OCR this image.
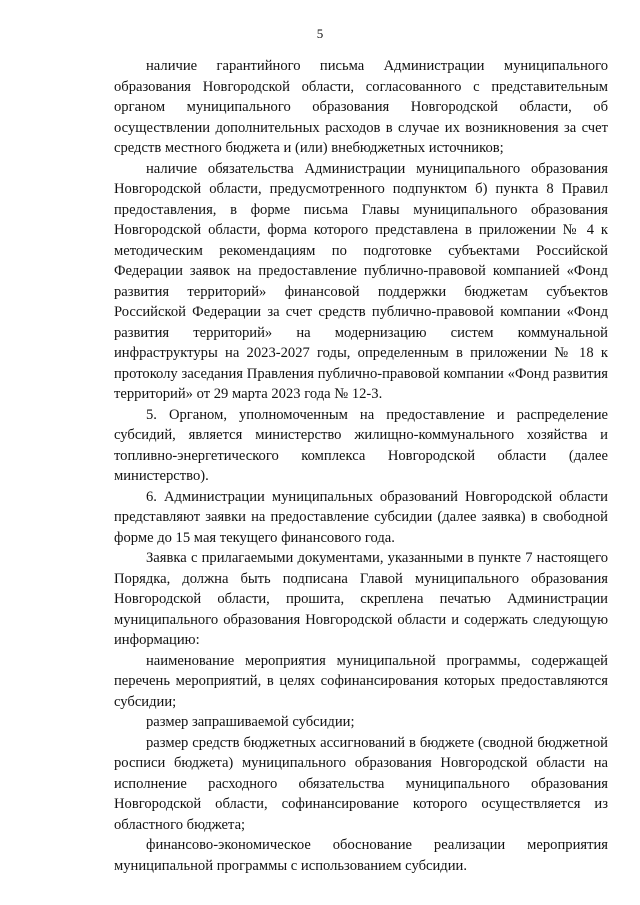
5

наличие гарантийного письма Администрации муниципального образования Новгородской области, согласованного с представительным органом муниципального образования Новгородской области, об осуществлении дополнительных расходов в случае их возникновения за счет средств местного бюджета и (или) внебюджетных источников;

наличие обязательства Администрации муниципального образования Новгородской области, предусмотренного подпунктом б) пункта 8 Правил предоставления, в форме письма Главы муниципального образования Новгородской области, форма которого представлена в приложении № 4 к методическим рекомендациям по подготовке субъектами Российской Федерации заявок на предоставление публично-правовой компанией «Фонд развития территорий» финансовой поддержки бюджетам субъектов Российской Федерации за счет средств публично-правовой компании «Фонд развития территорий» на модернизацию систем коммунальной инфраструктуры на 2023-2027 годы, определенным в приложении № 18 к протоколу заседания Правления публично-правовой компании «Фонд развития территорий» от 29 марта 2023 года № 12-3.

5. Органом, уполномоченным на предоставление и распределение субсидий, является министерство жилищно-коммунального хозяйства и топливно-энергетического комплекса Новгородской области (далее министерство).

6. Администрации муниципальных образований Новгородской области представляют заявки на предоставление субсидии (далее заявка) в свободной форме до 15 мая текущего финансового года.

Заявка с прилагаемыми документами, указанными в пункте 7 настоящего Порядка, должна быть подписана Главой муниципального образования Новгородской области, прошита, скреплена печатью Администрации муниципального образования Новгородской области и содержать следующую информацию:

наименование мероприятия муниципальной программы, содержащей перечень мероприятий, в целях софинансирования которых предоставляются субсидии;

размер запрашиваемой субсидии;

размер средств бюджетных ассигнований в бюджете (сводной бюджетной росписи бюджета) муниципального образования Новгородской области на исполнение расходного обязательства муниципального образования Новгородской области, софинансирование которого осуществляется из областного бюджета;

финансово-экономическое обоснование реализации мероприятия муниципальной программы с использованием субсидии.
